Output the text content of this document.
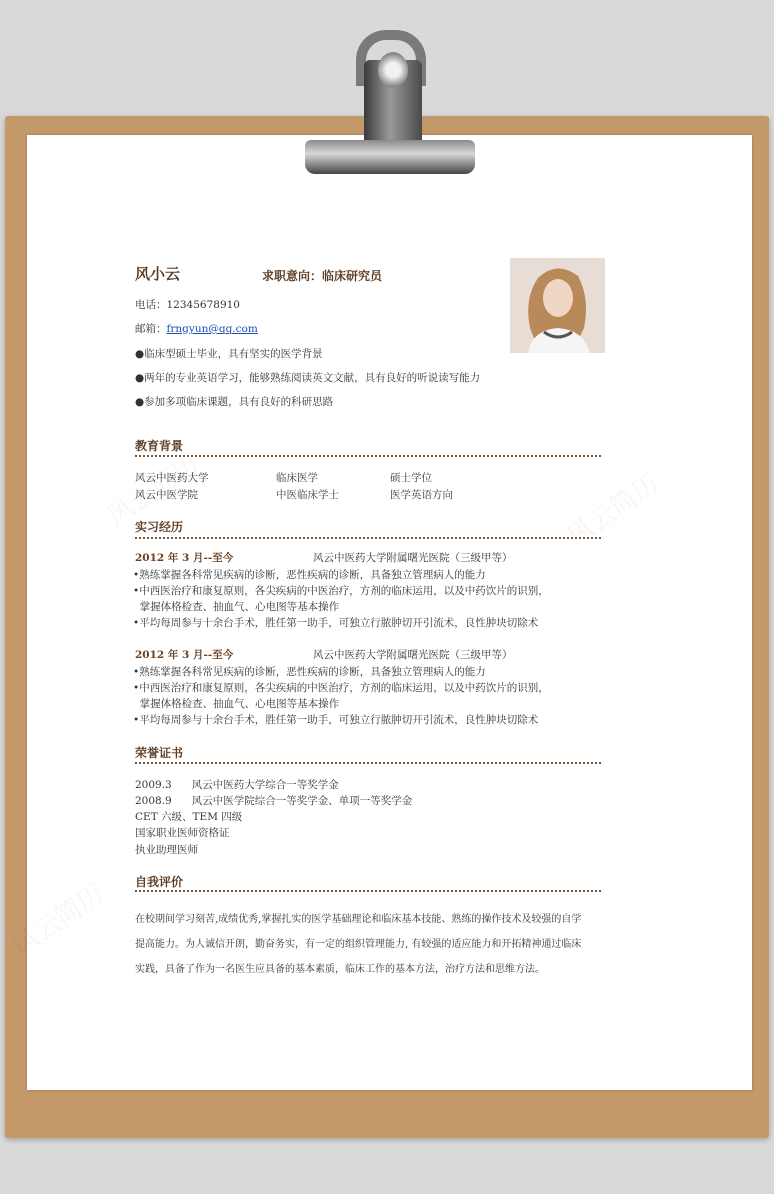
风小云	求职意向：临床研究员
电话：12345678910
邮箱：frngyun@qq.com
●临床型硕士毕业，具有坚实的医学背景
●两年的专业英语学习，能够熟练阅读英文文献，具有良好的听说读写能力
●参加多项临床课题，具有良好的科研思路
教育背景
风云中医药大学	临床医学	硕士学位
风云中医学院	中医临床学士	医学英语方向
实习经历
2012 年 3 月--至今	风云中医药大学附属曙光医院（三级甲等）
•熟练掌握各科常见疾病的诊断，恶性疾病的诊断，具备独立管理病人的能力
•中西医治疗和康复原则，各尖疾病的中医治疗，方剂的临床运用，以及中药饮片的识别，
掌握体格检查、抽血气、心电图等基本操作
•平均每周参与十余台手术，胜任第一助手，可独立行脓肿切开引流术，良性肿块切除术
2012 年 3 月--至今	风云中医药大学附属曙光医院（三级甲等）
•熟练掌握各科常见疾病的诊断，恶性疾病的诊断，具备独立管理病人的能力
•中西医治疗和康复原则，各尖疾病的中医治疗，方剂的临床运用，以及中药饮片的识别，
掌握体格检查、抽血气、心电图等基本操作
•平均每周参与十余台手术，胜任第一助手，可独立行脓肿切开引流术，良性肿块切除术
荣誉证书
2009.3      风云中医药大学综合一等奖学金
2008.9      风云中医学院综合一等奖学金、单项一等奖学金
CET 六级、TEM 四级
国家职业医师资格证
执业助理医师
自我评价
在校期间学习刻苦,成绩优秀,掌握扎实的医学基础理论和临床基本技能、熟练的操作技术及较强的自学
提高能力。为人诚信开朗，勤奋务实，有一定的组织管理能力, 有较强的适应能力和开拓精神通过临床
实践，具备了作为一名医生应具备的基本素质，临床工作的基本方法，治疗方法和思维方法。
